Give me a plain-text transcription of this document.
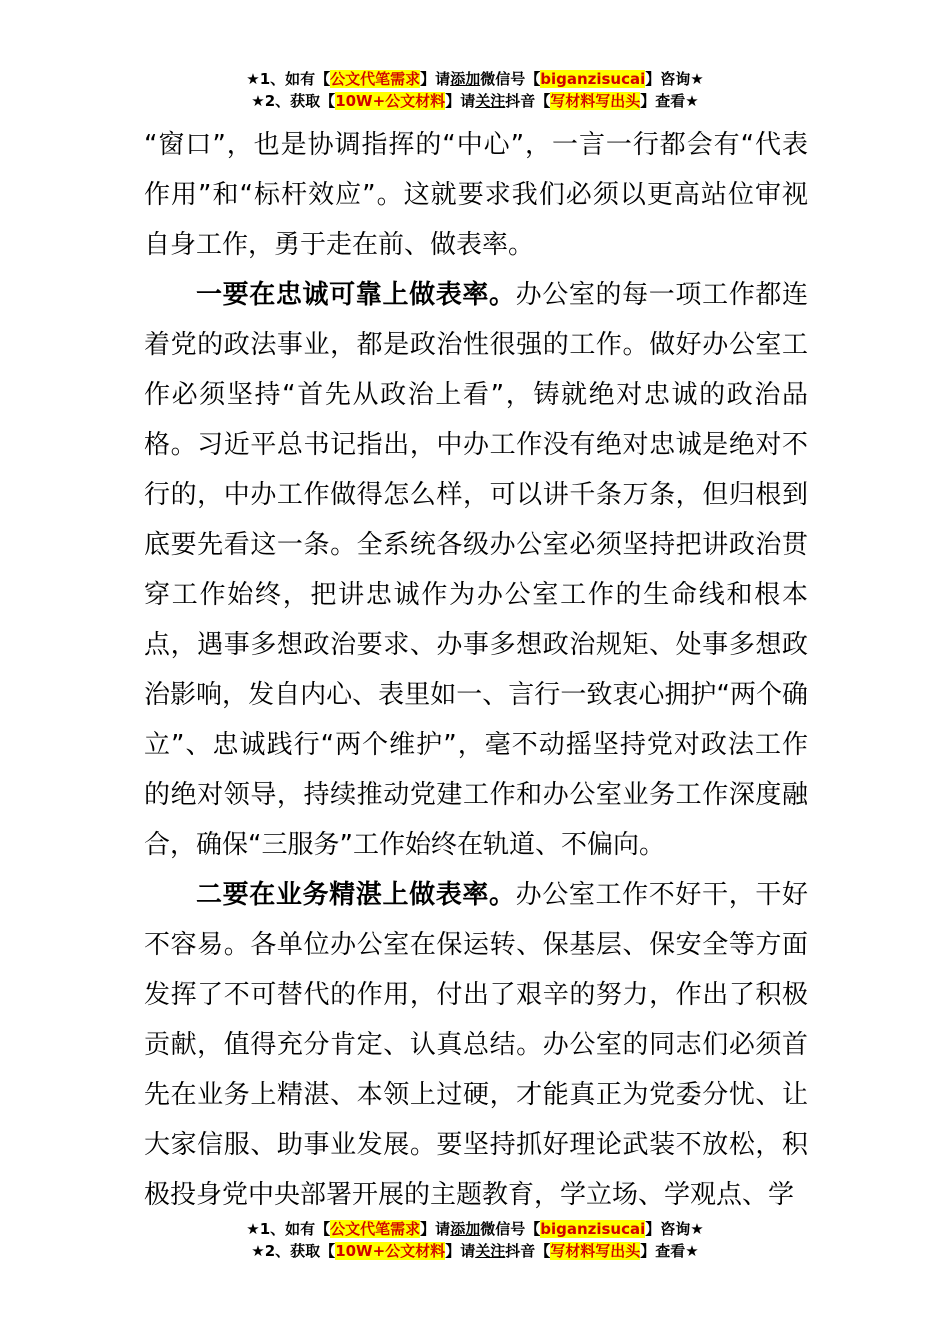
★1、如有【公文代笔需求】请添加微信号【biganzisucai】咨询★
★2、获取【10W+公文材料】请关注抖音【写材料写出头】查看★

“窗口”，也是协调指挥的“中心”，一言一行都会有“代表作用”和“标杆效应”。这就要求我们必须以更高站位审视自身工作，勇于走在前、做表率。

一要在忠诚可靠上做表率。办公室的每一项工作都连着党的政法事业，都是政治性很强的工作。做好办公室工作必须坚持“首先从政治上看”，铸就绝对忠诚的政治品格。习近平总书记指出，中办工作没有绝对忠诚是绝对不行的，中办工作做得怎么样，可以讲千条万条，但归根到底要先看这一条。全系统各级办公室必须坚持把讲政治贯穿工作始终，把讲忠诚作为办公室工作的生命线和根本点，遇事多想政治要求、办事多想政治规矩、处事多想政治影响，发自内心、表里如一、言行一致衷心拥护“两个确立”、忠诚践行“两个维护”，毫不动摇坚持党对政法工作的绝对领导，持续推动党建工作和办公室业务工作深度融合，确保“三服务”工作始终在轨道、不偏向。

二要在业务精湛上做表率。办公室工作不好干，干好不容易。各单位办公室在保运转、保基层、保安全等方面发挥了不可替代的作用，付出了艰辛的努力，作出了积极贡献，值得充分肯定、认真总结。办公室的同志们必须首先在业务上精湛、本领上过硬，才能真正为党委分忧、让大家信服、助事业发展。要坚持抓好理论武装不放松，积极投身党中央部署开展的主题教育，学立场、学观点、学

★1、如有【公文代笔需求】请添加微信号【biganzisucai】咨询★
★2、获取【10W+公文材料】请关注抖音【写材料写出头】查看★
